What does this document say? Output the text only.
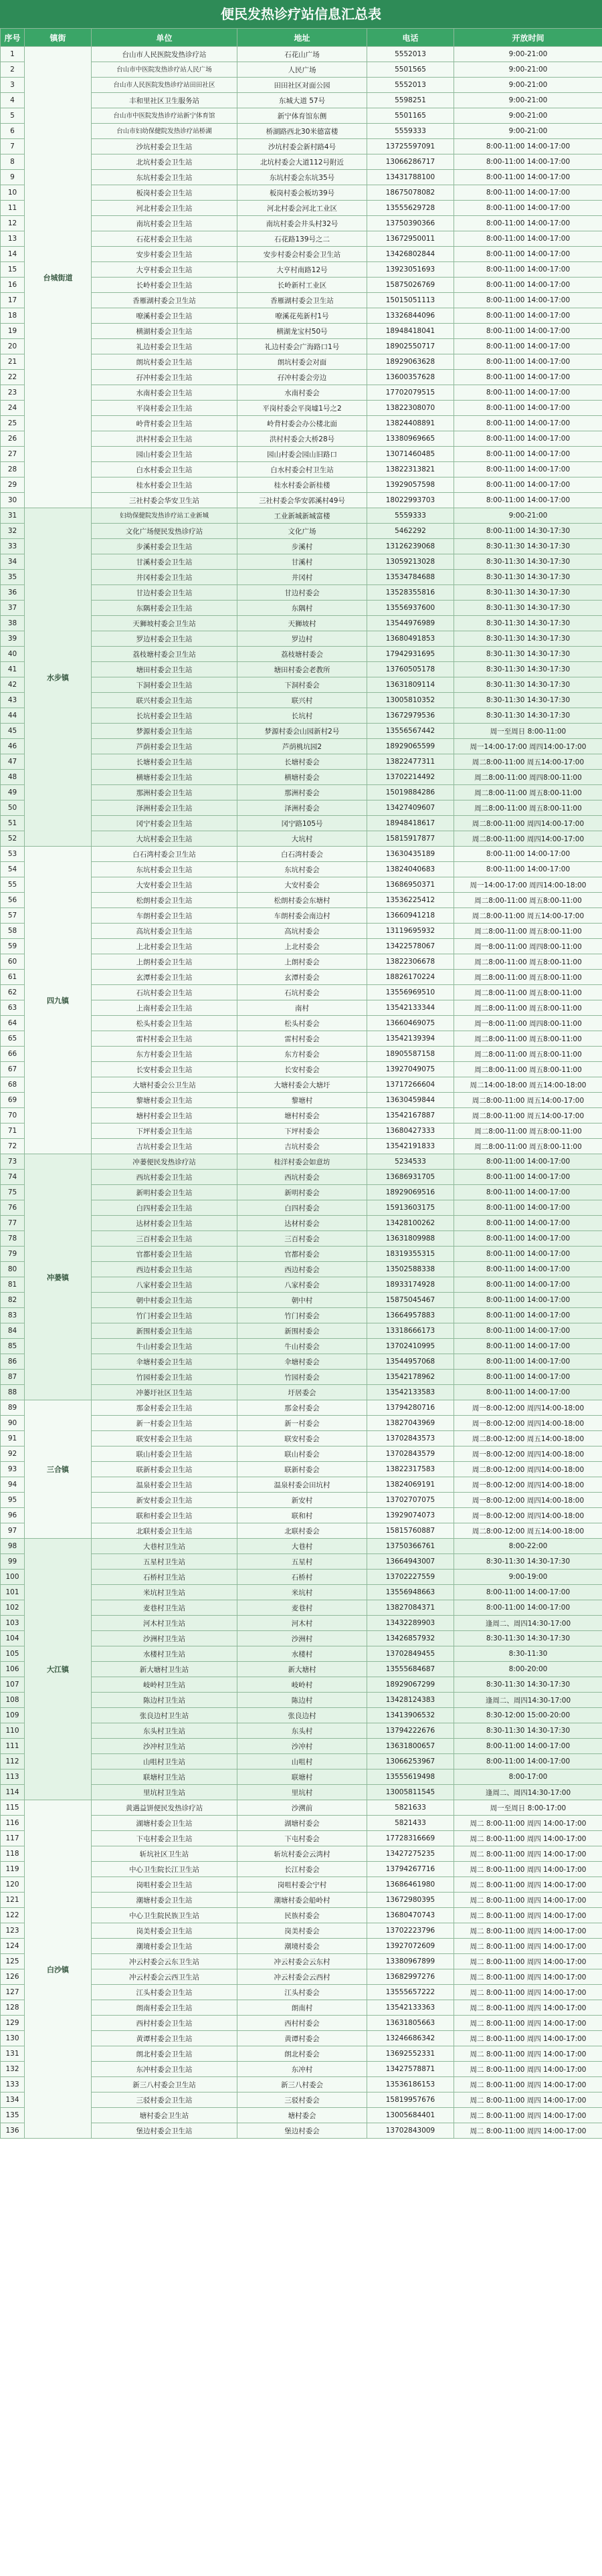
便民发热诊疗站信息汇总表
序号	镇街	单位	地址	电话	开放时间
1	台城街道	台山市人民医院发热诊疗站	石花山广场	5552013	9:00-21:00
2		台山市中医院发热诊疗站人民广场	人民广场	5501565	9:00-21:00
3		台山市人民医院发热诊疗站田田社区	田田社区对面公园	5552013	9:00-21:00
4		丰和里社区卫生服务站	东城大道 57号	5598251	9:00-21:00
5		台山市中医院发热诊疗站新宁体育馆	新宁体育馆东侧	5501165	9:00-21:00
6		台山市妇幼保健院发热诊疗站桥湖	桥湖路西北30米德富楼	5559333	9:00-21:00
7		沙坑村委会卫生站	沙坑村委会新村路4号	13725597091	8:00-11:00 14:00-17:00
8		北坑村委会卫生站	北坑村委会大道112号附近	13066286717	8:00-11:00 14:00-17:00
9		东坑村委会卫生站	东坑村委会东坑35号	13431788100	8:00-11:00 14:00-17:00
10		板岗村委会卫生站	板岗村委会板坊39号	18675078082	8:00-11:00 14:00-17:00
11		河北村委会卫生站	河北村委会河北工业区	13555629728	8:00-11:00 14:00-17:00
12		南坑村委会卫生站	南坑村委会井头村32号	13750390366	8:00-11:00 14:00-17:00
13		石花村委会卫生站	石花路139号之二	13672950011	8:00-11:00 14:00-17:00
14		安步村委会卫生站	安步村委会村委会卫生站	13426802844	8:00-11:00 14:00-17:00
15		大亨村委会卫生站	大亨村南路12号	13923051693	8:00-11:00 14:00-17:00
16		长岭村委会卫生站	长岭新村工业区	15875026769	8:00-11:00 14:00-17:00
17		香雁湖村委会卫生站	香雁湖村委会卫生站	15015051113	8:00-11:00 14:00-17:00
18		嘹溪村委会卫生站	嘹溪花苑新村1号	13326844096	8:00-11:00 14:00-17:00
19		横湖村委会卫生站	横湖龙宝村50号	18948418041	8:00-11:00 14:00-17:00
20		礼边村委会卫生站	礼边村委会广海路口1号	18902550717	8:00-11:00 14:00-17:00
21		朗坑村委会卫生站	朗坑村委会对面	18929063628	8:00-11:00 14:00-17:00
22		孖冲村委会卫生站	孖冲村委会旁边	13600357628	8:00-11:00 14:00-17:00
23		水南村委会卫生站	水南村委会	17702079515	8:00-11:00 14:00-17:00
24		平岗村委会卫生站	平岗村委会平岗墟1号之2	13822308070	8:00-11:00 14:00-17:00
25		岭背村委会卫生站	岭背村委会办公楼北面	13824408891	8:00-11:00 14:00-17:00
26		洪村村委会卫生站	洪村村委会大桥28号	13380969665	8:00-11:00 14:00-17:00
27		园山村委会卫生站	园山村委会园山旧路口	13071460485	8:00-11:00 14:00-17:00
28		白水村委会卫生站	白水村委会村卫生站	13822313821	8:00-11:00 14:00-17:00
29		桂水村委会卫生站	桂水村委会新桂楼	13929057598	8:00-11:00 14:00-17:00
30		三社村委会华安卫生站	三社村委会华安郭溪村49号	18022993703	8:00-11:00 14:00-17:00
31	水步镇	妇幼保健院发热诊疗站工业新城	工业新城新城富楼	5559333	9:00-21:00
32		文化广场便民发热诊疗站	文化广场	5462292	8:00-11:00 14:30-17:30
33		步溪村委会卫生站	步溪村	13126239068	8:30-11:30 14:30-17:30
34		甘溪村委会卫生站	甘溪村	13059213028	8:30-11:30 14:30-17:30
35		井冈村委会卫生站	井冈村	13534784688	8:30-11:30 14:30-17:30
36		甘边村委会卫生站	甘边村委会	13528355816	8:30-11:30 14:30-17:30
37		东隅村委会卫生站	东隅村	13556937600	8:30-11:30 14:30-17:30
38		天狮坡村委会卫生站	天狮坡村	13544976989	8:30-11:30 14:30-17:30
39		罗边村委会卫生站	罗边村	13680491853	8:30-11:30 14:30-17:30
40		荔枝塘村委会卫生站	荔枝塘村委会	17942931695	8:30-11:30 14:30-17:30
41		塘田村委会卫生站	塘田村委会老教所	13760505178	8:30-11:30 14:30-17:30
42		下洞村委会卫生站	下洞村委会	13631809114	8:30-11:30 14:30-17:30
43		联兴村委会卫生站	联兴村	13005810352	8:30-11:30 14:30-17:30
44		长坑村委会卫生站	长坑村	13672979536	8:30-11:30 14:30-17:30
45		梦源村委会卫生站	梦源村委会山园新村2号	13556567442	周一至周日 8:00-11:00
46		芦荫村委会卫生站	芦荫桃坑园2	18929065599	周一14:00-17:00 周四14:00-17:00
47		长塘村委会卫生站	长塘村委会	13822477311	周二8:00-11:00 周五14:00-17:00
48		横塘村委会卫生站	横塘村委会	13702214492	周二8:00-11:00 周四8:00-11:00
49		那洲村委会卫生站	那洲村委会	15019884286	周二8:00-11:00 周五8:00-11:00
50		泽洲村委会卫生站	泽洲村委会	13427409607	周二8:00-11:00 周五8:00-11:00
51		冈宁村委会卫生站	冈宁路105号	18948418617	周二8:00-11:00 周四14:00-17:00
52		大坑村委会卫生站	大坑村	15815917877	周二8:00-11:00 周四14:00-17:00
53	四九镇	白石湾村委会卫生站	白石湾村委会	13630435189	8:00-11:00 14:00-17:00
54		东坑村委会卫生站	东坑村委会	13824040683	8:00-11:00 14:00-17:00
55		大安村委会卫生站	大安村委会	13686950371	周一14:00-17:00 周四14:00-18:00
56		松朗村委会卫生站	松朗村委会东塘村	13536225412	周二8:00-11:00 周五8:00-11:00
57		车朗村委会卫生站	车朗村委会南边村	13660941218	周二8:00-11:00 周五14:00-17:00
58		高坑村委会卫生站	高坑村委会	13119695932	周二8:00-11:00 周五8:00-11:00
59		上北村委会卫生站	上北村委会	13422578067	周一8:00-11:00 周四8:00-11:00
60		上朗村委会卫生站	上朗村委会	13822306678	周二8:00-11:00 周五8:00-11:00
61		玄潭村委会卫生站	玄潭村委会	18826170224	周二8:00-11:00 周五8:00-11:00
62		石坑村委会卫生站	石坑村委会	13556969510	周二8:00-11:00 周五8:00-11:00
63		上南村委会卫生站	南村	13542133344	周二8:00-11:00 周五8:00-11:00
64		松头村委会卫生站	松头村委会	13660469075	周一8:00-11:00 周四8:00-11:00
65		雷村村委会卫生站	雷村村委会	13542139394	周二8:00-11:00 周五8:00-11:00
66		东方村委会卫生站	东方村委会	18905587158	周二8:00-11:00 周五8:00-11:00
67		长安村委会卫生站	长安村委会	13927049075	周二8:00-11:00 周五8:00-11:00
68		大塘村委会公卫生站	大塘村委会大塘圩	13717266604	周二14:00-18:00 周五14:00-18:00
69		黎塘村委会卫生站	黎塘村	13630459844	周二8:00-11:00 周五14:00-17:00
70		塘村村委会卫生站	塘村村委会	13542167887	周二8:00-11:00 周五14:00-17:00
71		下坪村委会卫生站	下坪村委会	13680427333	周二8:00-11:00 周五8:00-11:00
72		吉坑村委会卫生站	吉坑村委会	13542191833	周二8:00-11:00 周五8:00-11:00
73	冲蒌镇	冲蒌便民发热诊疗站	桂洋村委会如意坊	5234533	8:00-11:00 14:00-17:00
74		西坑村委会卫生站	西坑村委会	13686931705	8:00-11:00 14:00-17:00
75		新明村委会卫生站	新明村委会	18929069516	8:00-11:00 14:00-17:00
76		白四村委会卫生站	白四村委会	15913603175	8:00-11:00 14:00-17:00
77		达材村委会卫生站	达材村委会	13428100262	8:00-11:00 14:00-17:00
78		三百村委会卫生站	三百村委会	13631809988	8:00-11:00 14:00-17:00
79		官都村委会卫生站	官都村委会	18319355315	8:00-11:00 14:00-17:00
80		西边村委会卫生站	西边村委会	13502588338	8:00-11:00 14:00-17:00
81		八家村委会卫生站	八家村委会	18933174928	8:00-11:00 14:00-17:00
82		朝中村委会卫生站	朝中村	15875045467	8:00-11:00 14:00-17:00
83		竹门村委会卫生站	竹门村委会	13664957883	8:00-11:00 14:00-17:00
84		新围村委会卫生站	新围村委会	13318666173	8:00-11:00 14:00-17:00
85		牛山村委会卫生站	牛山村委会	13702410995	8:00-11:00 14:00-17:00
86		伞塘村委会卫生站	伞塘村委会	13544957068	8:00-11:00 14:00-17:00
87		竹园村委会卫生站	竹园村委会	13542178962	8:00-11:00 14:00-17:00
88		冲蒌圩社区卫生站	圩居委会	13542133583	8:00-11:00 14:00-17:00
89	三合镇	那金村委会卫生站	那金村委会	13794280716	周一8:00-12:00 周四14:00-18:00
90		新一村委会卫生站	新一村委会	13827043969	周一8:00-12:00 周四14:00-18:00
91		联安村委会卫生站	联安村委会	13702843573	周二8:00-12:00 周五14:00-18:00
92		联山村委会卫生站	联山村委会	13702843579	周一8:00-12:00 周四14:00-18:00
93		联新村委会卫生站	联新村委会	13822317583	周二8:00-12:00 周四14:00-18:00
94		温泉村委会卫生站	温泉村委会田坑村	13824069191	周一8:00-12:00 周四14:00-18:00
95		新安村委会卫生站	新安村	13702707075	周一8:00-12:00 周四14:00-18:00
96		联和村委会卫生站	联和村	13929074073	周一8:00-12:00 周四14:00-18:00
97		北联村委会卫生站	北联村委会	15815760887	周二8:00-12:00 周五14:00-18:00
98	大江镇	大巷村卫生站	大巷村	13750366761	8:00-22:00
99		五星村卫生站	五星村	13664943007	8:30-11:30 14:30-17:30
100		石桥村卫生站	石桥村	13702227559	9:00-19:00
101		米坑村卫生站	米坑村	13556948663	8:00-11:00 14:00-17:00
102		麦巷村卫生站	麦巷村	13827084371	8:00-11:00 14:00-17:00
103		河木村卫生站	河木村	13432289903	逢周二、周四14:30-17:00
104		沙洲村卫生站	沙洲村	13426857932	8:30-11:30 14:30-17:30
105		水楼村卫生站	水楼村	13702849455	8:30-11:30
106		新大塘村卫生站	新大塘村	13555684687	8:00-20:00
107		岐岭村卫生站	岐岭村	18929067299	8:30-11:30 14:30-17:30
108		陈边村卫生站	陈边村	13428124383	逢周二、周四14:30-17:00
109		张良边村卫生站	张良边村	13413906532	8:30-12:00 15:00-20:00
110		东头村卫生站	东头村	13794222676	8:30-11:30 14:30-17:30
111		沙冲村卫生站	沙冲村	13631800657	8:00-11:00 14:00-17:00
112		山咀村卫生站	山咀村	13066253967	8:00-11:00 14:00-17:00
113		联塘村卫生站	联塘村	13555619498	8:00-17:00
114		里坑村卫生站	里坑村	13005811545	逢周二、周四14:30-17:00
115	白沙镇	黄遇益饼便民发热诊疗站	沙溯前	5821633	周一至周日 8:00-17:00
116		湖塘村委会卫生站	湖塘村委会	5821433	周二 8:00-11:00 周四 14:00-17:00
117		下屯村委会卫生站	下屯村委会	17728316669	周二 8:00-11:00 周四 14:00-17:00
118		斩坑社区卫生站	斩坑村委会云湾村	13427275235	周二 8:00-11:00 周四 14:00-17:00
119		中心卫生院长江卫生站	长江村委会	13794267716	周二 8:00-11:00 周四 14:00-17:00
120		岗咀村委会卫生站	岗咀村委会宁村	13686461980	周二 8:00-11:00 周四 14:00-17:00
121		潮塘村委会卫生站	潮塘村委会船岭村	13672980395	周二 8:00-11:00 周四 14:00-17:00
122		中心卫生院民族卫生站	民族村委会	13680470743	周二 8:00-11:00 周四 14:00-17:00
123		岗美村委会卫生站	岗美村委会	13702223796	周二 8:00-11:00 周四 14:00-17:00
124		潮境村委会卫生站	潮境村委会	13927072609	周二 8:00-11:00 周四 14:00-17:00
125		冲云村委会云东卫生站	冲云村委会云东村	13380967899	周二 8:00-11:00 周四 14:00-17:00
126		冲云村委会云西卫生站	冲云村委会云西村	13682997276	周二 8:00-11:00 周四 14:00-17:00
127		江头村委会卫生站	江头村委会	13555657222	周二 8:00-11:00 周四 14:00-17:00
128		朗南村委会卫生站	朗南村	13542133363	周二 8:00-11:00 周四 14:00-17:00
129		西村村委会卫生站	西村村委会	13631805663	周二 8:00-11:00 周四 14:00-17:00
130		黄谭村委会卫生站	黄谭村委会	13246686342	周二 8:00-11:00 周四 14:00-17:00
131		朗北村委会卫生站	朗北村委会	13692552331	周二 8:00-11:00 周四 14:00-17:00
132		东冲村委会卫生站	东冲村	13427578871	周二 8:00-11:00 周四 14:00-17:00
133		新三八村委会卫生站	新三八村委会	13536186153	周二 8:00-11:00 周四 14:00-17:00
134		三驳村委会卫生站	三驳村委会	15819957676	周二 8:00-11:00 周四 14:00-17:00
135		塘村委会卫生站	塘村委会	13005684401	周二 8:00-11:00 周四 14:00-17:00
136		堡边村委会卫生站	堡边村委会	13702843009	周二 8:00-11:00 周四 14:00-17:00
